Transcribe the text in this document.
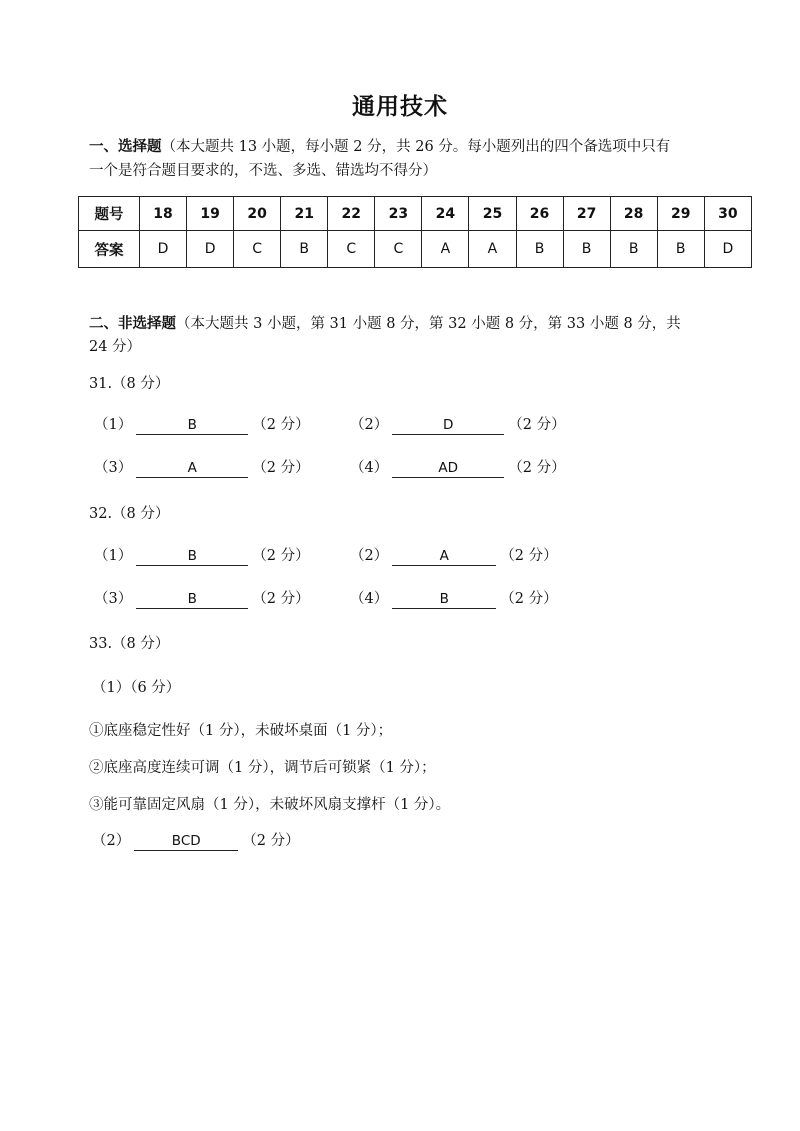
通用技术
一、选择题（本大题共 13 小题，每小题 2 分，共 26 分。每小题列出的四个备选项中只有
一个是符合题目要求的，不选、多选、错选均不得分）
题号	18	19	20	21	22	23	24	25	26	27	28	29	30
答案	D	D	C	B	C	C	A	A	B	B	B	B	D
二、非选择题（本大题共 3 小题，第 31 小题 8 分，第 32 小题 8 分，第 33 小题 8 分，共
24 分）
31.（8 分）
（1）	B	（2 分）	（2）	D	（2 分）
（3）	A	（2 分）	（4）	AD	（2 分）
32.（8 分）
（1）	B	（2 分）	（2）	A	（2 分）
（3）	B	（2 分）	（4）	B	（2 分）
33.（8 分）
（1）（6 分）
①底座稳定性好（1 分），未破坏桌面（1 分）；
②底座高度连续可调（1 分），调节后可锁紧（1 分）；
③能可靠固定风扇（1 分），未破坏风扇支撑杆（1 分）。
（2）	BCD	（2 分）
